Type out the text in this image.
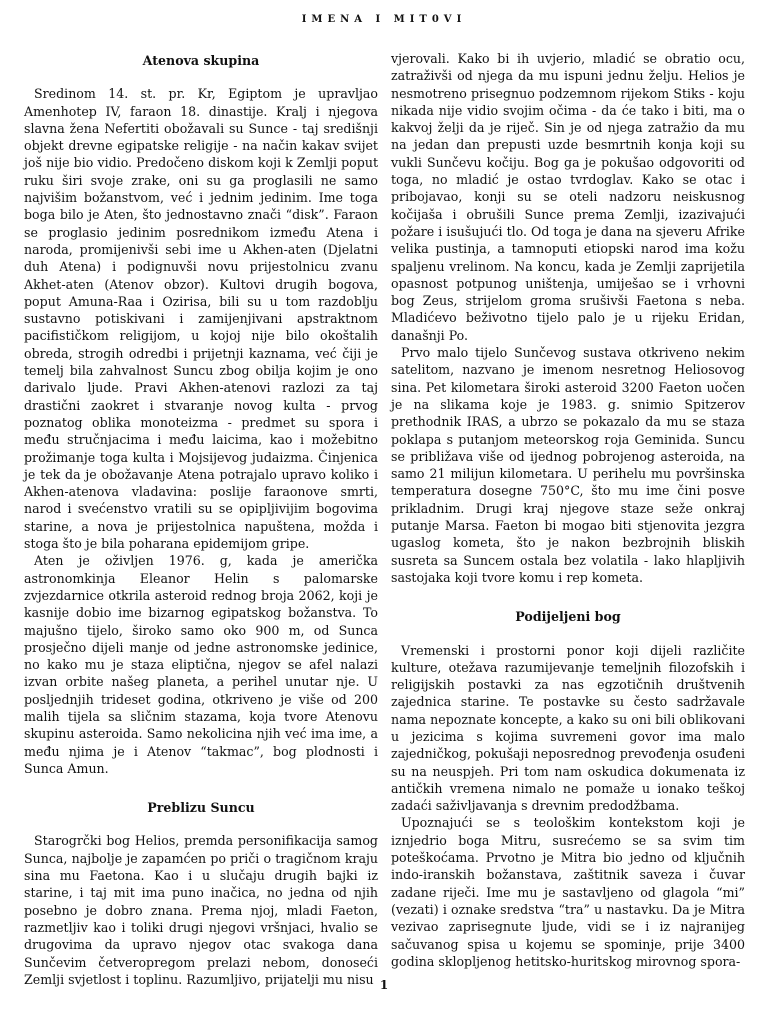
IMENA I MIT0VI
Atenova skupina

Sredinom 14. st. pr. Kr, Egiptom je upravljao Amenhotep IV, faraon 18. dinastije. Kralj i njegova slavna žena Nefertiti obožavali su Sunce - taj središnji objekt drevne egipatske religije - na način kakav svijet još nije bio vidio. Predočeno diskom koji k Zemlji poput ruku širi svoje zrake, oni su ga proglasili ne samo najvišim božanstvom, već i jednim jedinim. Ime toga boga bilo je Aten, što jednostavno znači “disk”. Faraon se proglasio jedinim posrednikom između Atena i naroda, promijenivši sebi ime u Akhen-aten (Djelatni duh Atena) i podignuvši novu prijestolnicu zvanu Akhet-aten (Atenov obzor). Kultovi drugih bogova, poput Amuna-Raa i Ozirisa, bili su u tom razdoblju sustavno potiskivani i zamijenjivani apstraktnom pacifističkom religijom, u kojoj nije bilo okoštalih obreda, strogih odredbi i prijetnji kaznama, već čiji je temelj bila zahvalnost Suncu zbog obilja kojim je ono darivalo ljude. Pravi Akhen-atenovi razlozi za taj drastični zaokret i stvaranje novog kulta - prvog poznatog oblika monoteizma - predmet su spora i među stručnjacima i među laicima, kao i možebitno prožimanje toga kulta i Mojsijevog judaizma. Činjenica je tek da je obožavanje Atena potrajalo upravo koliko i Akhen-atenova vladavina: poslije faraonove smrti, narod i svećenstvo vratili su se opipljivijim bogovima starine, a nova je prijestolnica napuštena, možda i stoga što je bila poharana epidemijom gripe.

Aten je oživljen 1976. g, kada je američka astronomkinja Eleanor Helin s palomarske zvjezdarnice otkrila asteroid rednog broja 2062, koji je kasnije dobio ime bizarnog egipatskog božanstva. To majušno tijelo, široko samo oko 900 m, od Sunca prosječno dijeli manje od jedne astronomske jedinice, no kako mu je staza eliptična, njegov se afel nalazi izvan orbite našeg planeta, a perihel unutar nje. U posljednjih trideset godina, otkriveno je više od 200 malih tijela sa sličnim stazama, koja tvore Atenovu skupinu asteroida. Samo nekolicina njih već ima ime, a među njima je i Atenov “takmac”, bog plodnosti i Sunca Amun.

Preblizu Suncu

Starogrčki bog Helios, premda personifikacija samog Sunca, najbolje je zapamćen po priči o tragičnom kraju sina mu Faetona. Kao i u slučaju drugih bajki iz starine, i taj mit ima puno inačica, no jedna od njih posebno je dobro znana. Prema njoj, mladi Faeton, razmetljiv kao i toliki drugi njegovi vršnjaci, hvalio se drugovima da upravo njegov otac svakoga dana Sunčevim četveropregom prelazi nebom, donoseći Zemlji svjetlost i toplinu. Razumljivo, prijatelji mu nisu

vjerovali. Kako bi ih uvjerio, mladić se obratio ocu, zatraživši od njega da mu ispuni jednu želju. Helios je nesmotreno prisegnuo podzemnom rijekom Stiks - koju nikada nije vidio svojim očima - da će tako i biti, ma o kakvoj želji da je riječ. Sin je od njega zatražio da mu na jedan dan prepusti uzde besmrtnih konja koji su vukli Sunčevu kočiju. Bog ga je pokušao odgovoriti od toga, no mladić je ostao tvrdoglav. Kako se otac i pribojavao, konji su se oteli nadzoru neiskusnog kočijaša i obrušili Sunce prema Zemlji, izazivajući požare i isušujući tlo. Od toga je dana na sjeveru Afrike velika pustinja, a tamnoputi etiopski narod ima kožu spaljenu vrelinom. Na koncu, kada je Zemlji zaprijetila opasnost potpunog uništenja, umiješao se i vrhovni bog Zeus, strijelom groma srušivši Faetona s neba. Mladićevo beživotno tijelo palo je u rijeku Eridan, današnji Po.

Prvo malo tijelo Sunčevog sustava otkriveno nekim satelitom, nazvano je imenom nesretnog Heliosovog sina. Pet kilometara široki asteroid 3200 Faeton uočen je na slikama koje je 1983. g. snimio Spitzerov prethodnik IRAS, a ubrzo se pokazalo da mu se staza poklapa s putanjom meteorskog roja Geminida. Suncu se približava više od ijednog pobrojenog asteroida, na samo 21 milijun kilometara. U perihelu mu površinska temperatura dosegne 750°C, što mu ime čini posve prikladnim. Drugi kraj njegove staze seže onkraj putanje Marsa. Faeton bi mogao biti stjenovita jezgra ugaslog kometa, što je nakon bezbrojnih bliskih susreta sa Suncem ostala bez volatila - lako hlapljivih sastojaka koji tvore komu i rep kometa.

Podijeljeni bog

Vremenski i prostorni ponor koji dijeli različite kulture, otežava razumijevanje temeljnih filozofskih i religijskih postavki za nas egzotičnih društvenih zajednica starine. Te postavke su često sadržavale nama nepoznate koncepte, a kako su oni bili oblikovani u jezicima s kojima suvremeni govor ima malo zajedničkog, pokušaji neposrednog prevođenja osuđeni su na neuspjeh. Pri tom nam oskudica dokumenata iz antičkih vremena nimalo ne pomaže u ionako teškoj zadaći saživljavanja s drevnim predodžbama.

Upoznajući se s teološkim kontekstom koji je iznjedrio boga Mitru, susrećemo se sa svim tim poteškoćama. Prvotno je Mitra bio jedno od ključnih indo-iranskih božanstava, zaštitnik saveza i čuvar zadane riječi. Ime mu je sastavljeno od glagola “mi” (vezati) i oznake sredstva “tra” u nastavku. Da je Mitra vezivao zaprisegnute ljude, vidi se i iz najranijeg sačuvanog spisa u kojemu se spominje, prije 3400 godina sklopljenog hetitsko-huritskog mirovnog spora-

1
